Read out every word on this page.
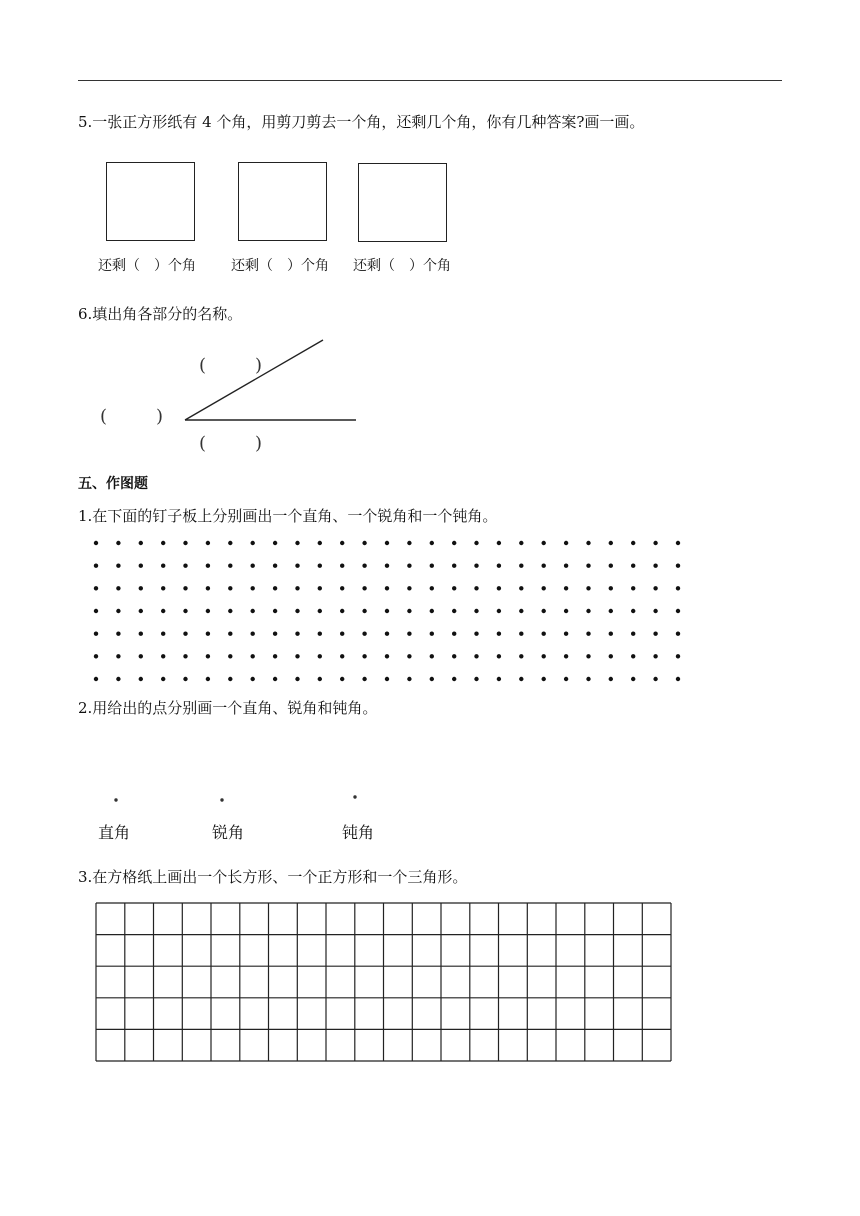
5.一张正方形纸有 4 个角，用剪刀剪去一个角，还剩几个角，你有几种答案?画一画。
还剩（　）个角	还剩（　）个角 还剩（　）个角
6.填出角各部分的名称。
(	)
(	)
(	)
五、作图题
1.在下面的钉子板上分别画出一个直角、一个锐角和一个钝角。
2.用给出的点分别画一个直角、锐角和钝角。
直角	锐角	钝角
3.在方格纸上画出一个长方形、一个正方形和一个三角形。
